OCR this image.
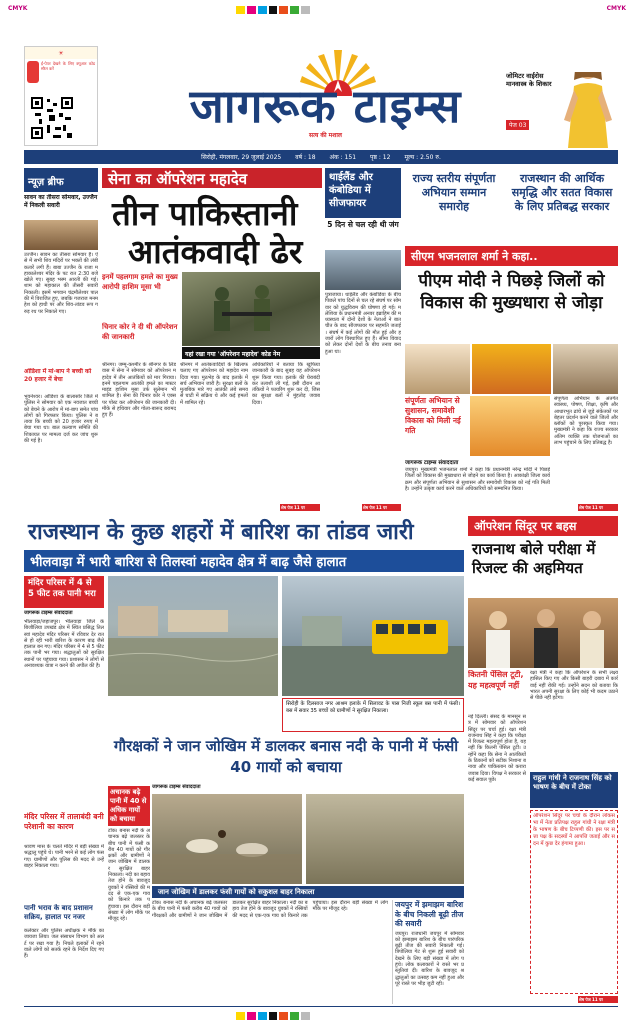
CMYK	CMYK
☀
ई-पेपर देखने के लिए क्यूआर कोड स्कैन करें
जागरूक टाइम्स
सत्य की मशाल
जोमिटर वाईरोस मानवास्त्र के शिकार
पेज 03
सिरोही, मंगलवार, 29 जुलाई 2025 वर्ष : 18 अंक : 151 पृष्ठ : 12 मूल्य : 2.50 रु.
न्यूज़ ब्रीफ
सावन का तीसरा सोमवार, उज्जैन में निकली सवारी
उज्जैन। सावन का तीसरा सोमवार है। ऐसे में सभी शिव मंदिरों पर भक्तों की लंबी कतारें लगी हैं। बाबा उज्जैन के राजा महाकालेश्वर मंदिर के पट रात 2:30 बजे खोले गए। सुबह भस्म आरती की गई। शाम को महाकाल की तीसरी सवारी निकाली। इसमें भगवान चंद्रमौलेश्वर पालकी में विराजित हुए, जबकि गजराज मनमहेश को हाथी पर और शिव-तांडव रूप गरुड़ रथ पर निकाले गए।
ओडिशा में मां-बाप ने बच्ची को 20 हजार में बेचा
भुवनेश्वर। ओडिशा के बालासोर जिले में पुलिस ने सोमवार को एक नवजात बच्ची को बेचने के आरोप में मां-बाप समेत पांच लोगों को गिरफ्तार किया। पुलिस ने बताया कि बच्ची को 20 हजार रुपए में बेचा गया था। बाल कल्याण समिति की शिकायत पर मामला दर्ज कर जांच शुरू की गई है।
सेना का ऑपरेशन महादेव
तीन पाकिस्तानी
आतंकवादी ढेर
इनमें पहलगाम हमले का मुख्य आरोपी हाशिम मूसा भी
चिनार कोर ने दी थी ऑपरेशन की जानकारी
यहां रखा गया 'ऑपरेशन महादेव' कोड नेम
श्रीनगर। जम्मू-कश्मीर के श्रीनगर के लिडवास में सेना ने सोमवार को ऑपरेशन महादेव में तीन आतंकियों को मार गिराया। इनमें पहलगाम आतंकी हमले का मास्टरमाइंड हाशिम मूसा उर्फ सुलेमान भी शामिल है। सेना की चिनार कोर ने एक्स पर पोस्ट कर ऑपरेशन की जानकारी दी। मौके से हथियार और गोला-बारूद बरामद हुए हैं।
श्रीनगर में आतंकवादियों के खिलाफ चलाए गए ऑपरेशन को महादेव नाम दिया गया। मुठभेड़ के बाद इलाके में सर्च अभियान जारी है। सुरक्षा बलों के मुताबिक मारे गए आतंकी लंबे समय से घाटी में सक्रिय थे और कई हमलों में शामिल रहे।
अधिकारियों ने बताया कि खुफिया जानकारी के बाद सुबह यह ऑपरेशन शुरू किया गया। इलाके की घेराबंदी कर तलाशी ली गई, इसी दौरान आतंकियों ने फायरिंग शुरू कर दी, जिसका सुरक्षा बलों ने मुंहतोड़ जवाब दिया।
शेष पेज 11 पर
थाईलैंड और कंबोडिया में सीजफायर
5 दिन से चल रही थी जंग
पुत्राजाया। थाईलैंड और कंबोडिया के बीच पिछले पांच दिनों से चल रहे संघर्ष पर सोमवार को युद्धविराम की घोषणा हो गई। मलेशिया के प्रधानमंत्री अनवर इब्राहिम की मध्यस्थता में दोनों देशों के नेताओं ने बातचीत के बाद सीजफायर पर सहमति जताई। संघर्ष में कई लोगों की मौत हुई और हजारों लोग विस्थापित हुए हैं। सीमा विवाद को लेकर दोनों देशों के बीच तनाव बना हुआ था।
शेष पेज 11 पर
राज्य स्तरीय संपूर्णता अभियान सम्मान समारोह
राजस्थान की आर्थिक समृद्धि और सतत विकास के लिए प्रतिबद्ध सरकार
सीएम भजनलाल शर्मा ने कहा..
पीएम मोदी ने पिछड़े जिलों को विकास की मुख्यधारा से जोड़ा
संपूर्णता अभियान से सुशासन, समावेशी विकास को मिली नई गति
संपूर्णता अभियान के अंतर्गत स्वास्थ्य, पोषण, शिक्षा, कृषि और आधारभूत ढांचे से जुड़े संकेतकों पर बेहतर प्रदर्शन करने वाले जिलों और ब्लॉकों को पुरस्कृत किया गया। मुख्यमंत्री ने कहा कि राज्य सरकार अंतिम व्यक्ति तक योजनाओं का लाभ पहुंचाने के लिए प्रतिबद्ध है।
जागरूक टाइम्स संवाददाता
जयपुर। मुख्यमंत्री भजनलाल शर्मा ने कहा कि प्रधानमंत्री नरेन्द्र मोदी ने पिछड़े जिलों को विकास की मुख्यधारा से जोड़ने का कार्य किया है। आकांक्षी जिला कार्यक्रम और संपूर्णता अभियान से सुशासन और समावेशी विकास को नई गति मिली है। उन्होंने उत्कृष्ट कार्य करने वाले अधिकारियों को सम्मानित किया।
शेष पेज 11 पर
राजस्थान के कुछ शहरों में बारिश का तांडव जारी
भीलवाड़ा में भारी बारिश से तिलस्वां महादेव क्षेत्र में बाढ़ जैसे हालात
मंदिर परिसर में 4 से 5 फीट तक पानी भरा
जागरूक टाइम्स संवाददाता
भीलवाड़ा/जहाजपुर। भीलवाड़ा जिले के बिजौलिया उपखंड क्षेत्र में स्थित प्रसिद्ध तिलस्वां महादेव मंदिर परिसर में रविवार देर रात से हो रही भारी बारिश के कारण बाढ़ जैसे हालात बन गए। मंदिर परिसर में 4 से 5 फीट तक पानी भर गया। श्रद्धालुओं को सुरक्षित स्थानों पर पहुंचाया गया। प्रशासन ने लोगों से अनावश्यक यात्रा न करने की अपील की है।
मंदिर परिसर में तालाबंदी बनी परेशानी का कारण
श्रावण मास के चलते मंदिर में बड़ी संख्या में श्रद्धालु पहुंचे थे। पानी भरने से कई लोग फंस गए। ग्रामीणों और पुलिस की मदद से उन्हें बाहर निकाला गया।
पानी भराव के बाद प्रशासन सक्रिय, हालात पर नजर
कलेक्टर और पुलिस अधीक्षक ने मौके का जायजा लिया। जल संसाधन विभाग को अलर्ट पर रखा गया है। निचले इलाकों में रहने वाले लोगों को सतर्क रहने के निर्देश दिए गए हैं।
सिरोही के दिलसाज नगर आश्रम इलाके में सिलावट के पास निजी स्कूल बस पानी में फंसी। बस में सवार 35 बच्चों को ग्रामीणों ने सुरक्षित निकाला।
गौरक्षकों ने जान जोखिम में डालकर बनास नदी के पानी में फंसी 40 गायों को बचाया
जागरूक टाइम्स संवाददाता
अचानक बढ़े पानी में 40 से अधिक गायों को बचाया
टोंक। बनास नदी के अचानक बढ़े जलस्तर के बीच पानी में फंसी करीब 40 गायों को गौरक्षकों और ग्रामीणों ने जान जोखिम में डालकर सुरक्षित बाहर निकाला। नदी का बहाव तेज होने के बावजूद युवकों ने रस्सियों की मदद से एक-एक गाय को किनारे तक पहुंचाया। इस दौरान बड़ी संख्या में लोग मौके पर मौजूद रहे।
जान जोखिम में डालकर फंसी गायों को सकुशल बाहर निकाला
टोंक। बनास नदी के अचानक बढ़े जलस्तर के बीच पानी में फंसी करीब 40 गायों को गौरक्षकों और ग्रामीणों ने जान जोखिम में डालकर सुरक्षित बाहर निकाला। नदी का बहाव तेज होने के बावजूद युवकों ने रस्सियों की मदद से एक-एक गाय को किनारे तक पहुंचाया। इस दौरान बड़ी संख्या में लोग मौके पर मौजूद रहे।
ऑपरेशन सिंदूर पर बहस
राजनाथ बोले परीक्षा में रिजल्ट की अहमियत
कितनी पेंसिल टूटी, यह महत्वपूर्ण नहीं
नई दिल्ली। संसद के मानसून सत्र में सोमवार को ऑपरेशन सिंदूर पर चर्चा हुई। रक्षा मंत्री राजनाथ सिंह ने कहा कि परीक्षा में रिजल्ट महत्वपूर्ण होता है, यह नहीं कि कितनी पेंसिल टूटीं। उन्होंने कहा कि सेना ने आतंकियों के ठिकानों को सटीक निशाना बनाया और पाकिस्तान को करारा जवाब दिया। विपक्ष ने सरकार से कई सवाल पूछे।
रक्षा मंत्री ने कहा कि ऑपरेशन के सभी लक्ष्य हासिल किए गए और किसी बाहरी दबाव में कार्रवाई नहीं रोकी गई। उन्होंने सदन को बताया कि भारत अपनी सुरक्षा के लिए कोई भी कदम उठाने से पीछे नहीं हटेगा।
राहुल गांधी ने राजनाथ सिंह को भाषण के बीच में टोका
ऑपरेशन सिंदूर पर चर्चा के दौरान लोकसभा में नेता प्रतिपक्ष राहुल गांधी ने रक्षा मंत्री के भाषण के बीच टिप्पणी की। इस पर सत्ता पक्ष के सदस्यों ने आपत्ति जताई और सदन में कुछ देर हंगामा हुआ।
शेष पेज 11 पर
जयपुर में झमाझम बारिश के बीच निकली बूढ़ी तीज की सवारी
जयपुर। राजधानी जयपुर में सोमवार को झमाझम बारिश के बीच पारंपरिक बूढ़ी तीज की सवारी निकाली गई। त्रिपोलिया गेट से शुरू हुई सवारी को देखने के लिए बड़ी संख्या में लोग पहुंचे। लोक कलाकारों ने रास्ते भर प्रस्तुतियां दीं। बारिश के बावजूद श्रद्धालुओं का उत्साह कम नहीं हुआ और पूरे रास्ते पर भीड़ जुटी रही।
